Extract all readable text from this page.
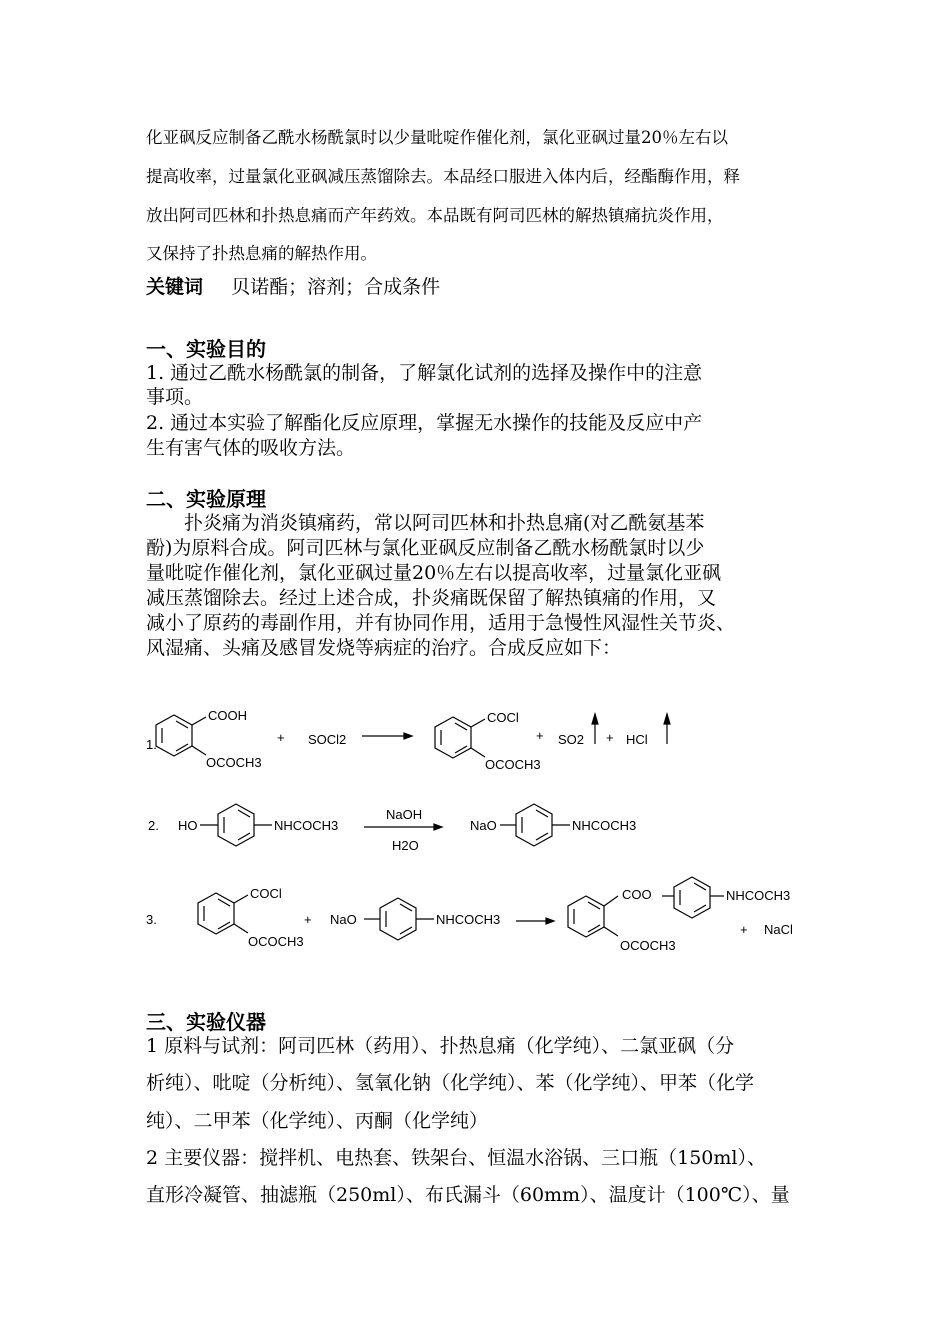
化亚砜反应制备乙酰水杨酰氯时以少量吡啶作催化剂，氯化亚砜过量20％左右以
提高收率，过量氯化亚砜减压蒸馏除去。本品经口服进入体内后，经酯酶作用，释
放出阿司匹林和扑热息痛而产年药效。本品既有阿司匹林的解热镇痛抗炎作用，
又保持了扑热息痛的解热作用。
关键词 贝诺酯；溶剂；合成条件
一、实验目的
1. 通过乙酰水杨酰氯的制备，了解氯化试剂的选择及操作中的注意
事项。
2. 通过本实验了解酯化反应原理，掌握无水操作的技能及反应中产
生有害气体的吸收方法。
二、实验原理
扑炎痛为消炎镇痛药，常以阿司匹林和扑热息痛(对乙酰氨基苯
酚)为原料合成。阿司匹林与氯化亚砜反应制备乙酰水杨酰氯时以少
量吡啶作催化剂，氯化亚砜过量20％左右以提高收率，过量氯化亚砜
减压蒸馏除去。经过上述合成，扑炎痛既保留了解热镇痛的作用，又
减小了原药的毒副作用，并有协同作用，适用于急慢性风湿性关节炎、
风湿痛、头痛及感冒发烧等病症的治疗。合成反应如下：
1.
COOH
OCOCH3
+ SOCl2
COCl
OCOCH3
+ SO2 + HCl
2. HO	NHCOCH3
NaOH
H2O
NaO	NHCOCH3
3.
COCl
OCOCH3
+ NaO	NHCOCH3
COO	NHCOCH3
OCOCH3
+ NaCl
三、实验仪器
1 原料与试剂：阿司匹林（药用）、扑热息痛（化学纯）、二氯亚砜（分
析纯）、吡啶（分析纯）、氢氧化钠（化学纯）、苯（化学纯）、甲苯（化学
纯）、二甲苯（化学纯）、丙酮（化学纯）
2 主要仪器：搅拌机、电热套、铁架台、恒温水浴锅、三口瓶（150ml）、
直形冷凝管、抽滤瓶（250ml）、布氏漏斗（60mm）、温度计（100℃）、量
